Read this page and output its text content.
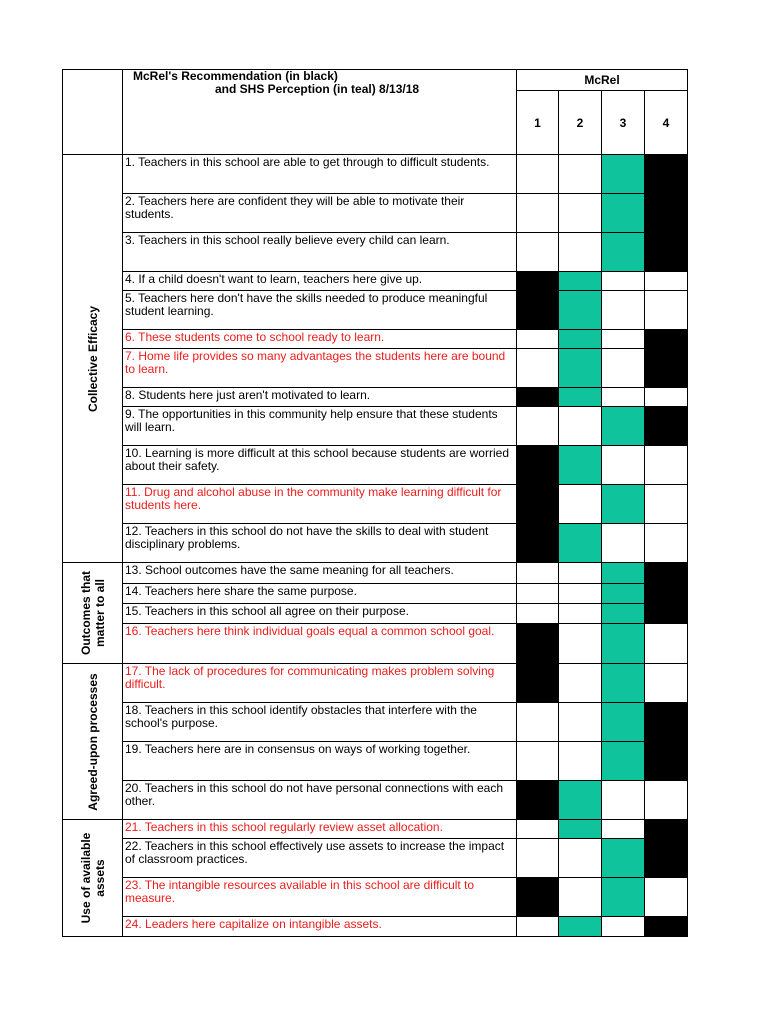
	McRel's Recommendation (in black)
and SHS Perception (in teal) 8/13/18	McRel			
		1	2	3	4

Collective Efficacy	1. Teachers in this school are able to get through to difficult students.				
	2. Teachers here are confident they will be able to motivate their students.				
	3. Teachers in this school really believe every child can learn.				
	4. If a child doesn't want to learn, teachers here give up.				
	5. Teachers here don't have the skills needed to produce meaningful student learning.				
	6. These students come to school ready to learn.				
	7. Home life provides so many advantages the students here are bound to learn.				
	8. Students here just aren't motivated to learn.				
	9. The opportunities in this community help ensure that these students will learn.				
	10. Learning is more difficult at this school because students are worried about their safety.				
	11. Drug and alcohol abuse in the community make learning difficult for students here.				
	12. Teachers in this school do not have the skills to deal with student disciplinary problems.				

Outcomes that matter to all	13. School outcomes have the same meaning for all teachers.				
	14. Teachers here share the same purpose.				
	15. Teachers in this school all agree on their purpose.				
	16. Teachers here think individual goals equal a common school goal.				

Agreed-upon processes	17. The lack of procedures for communicating makes problem solving difficult.				
	18. Teachers in this school identify obstacles that interfere with the school's purpose.				
	19. Teachers here are in consensus on ways of working together.				
	20. Teachers in this school do not have personal connections with each other.				

Use of available assets	21. Teachers in this school regularly review asset allocation.				
	22. Teachers in this school effectively use assets to increase the impact of classroom practices.				
	23. The intangible resources available in this school are difficult to measure.				
	24. Leaders here capitalize on intangible assets.				
